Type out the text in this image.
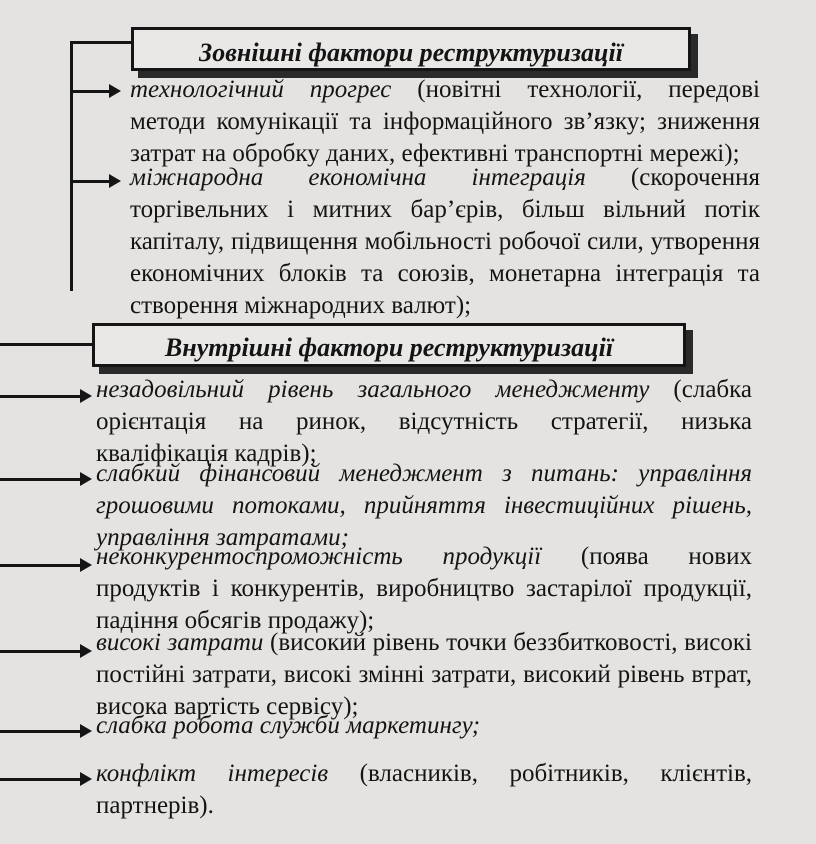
Зовнішні фактори реструктуризації

технологічний прогрес (новітні технології, передові методи комунікації та інформаційного зв’язку; зниження затрат на обробку даних, ефективні транспортні мережі);

міжнародна економічна інтеграція (скорочення торгівельних і митних бар’єрів, більш вільний потік капіталу, підвищення мобільності робочої сили, утворення економічних блоків та союзів, монетарна інтеграція та створення міжнародних валют);

Внутрішні фактори реструктуризації

незадовільний рівень загального менеджменту (слабка орієнтація на ринок, відсутність стратегії, низька кваліфікація кадрів);

слабкий фінансовий менеджмент з питань: управління грошовими потоками, прийняття інвестиційних рішень, управління затратами;

неконкурентоспроможність продукції (поява нових продуктів і конкурентів, виробництво застарілої продукції, падіння обсягів продажу);

високі затрати (високий рівень точки беззбитковості, високі постійні затрати, високі змінні затрати, високий рівень втрат, висока вартість сервісу);

слабка робота служби маркетингу;

конфлікт інтересів (власників, робітників, клієнтів, партнерів).
